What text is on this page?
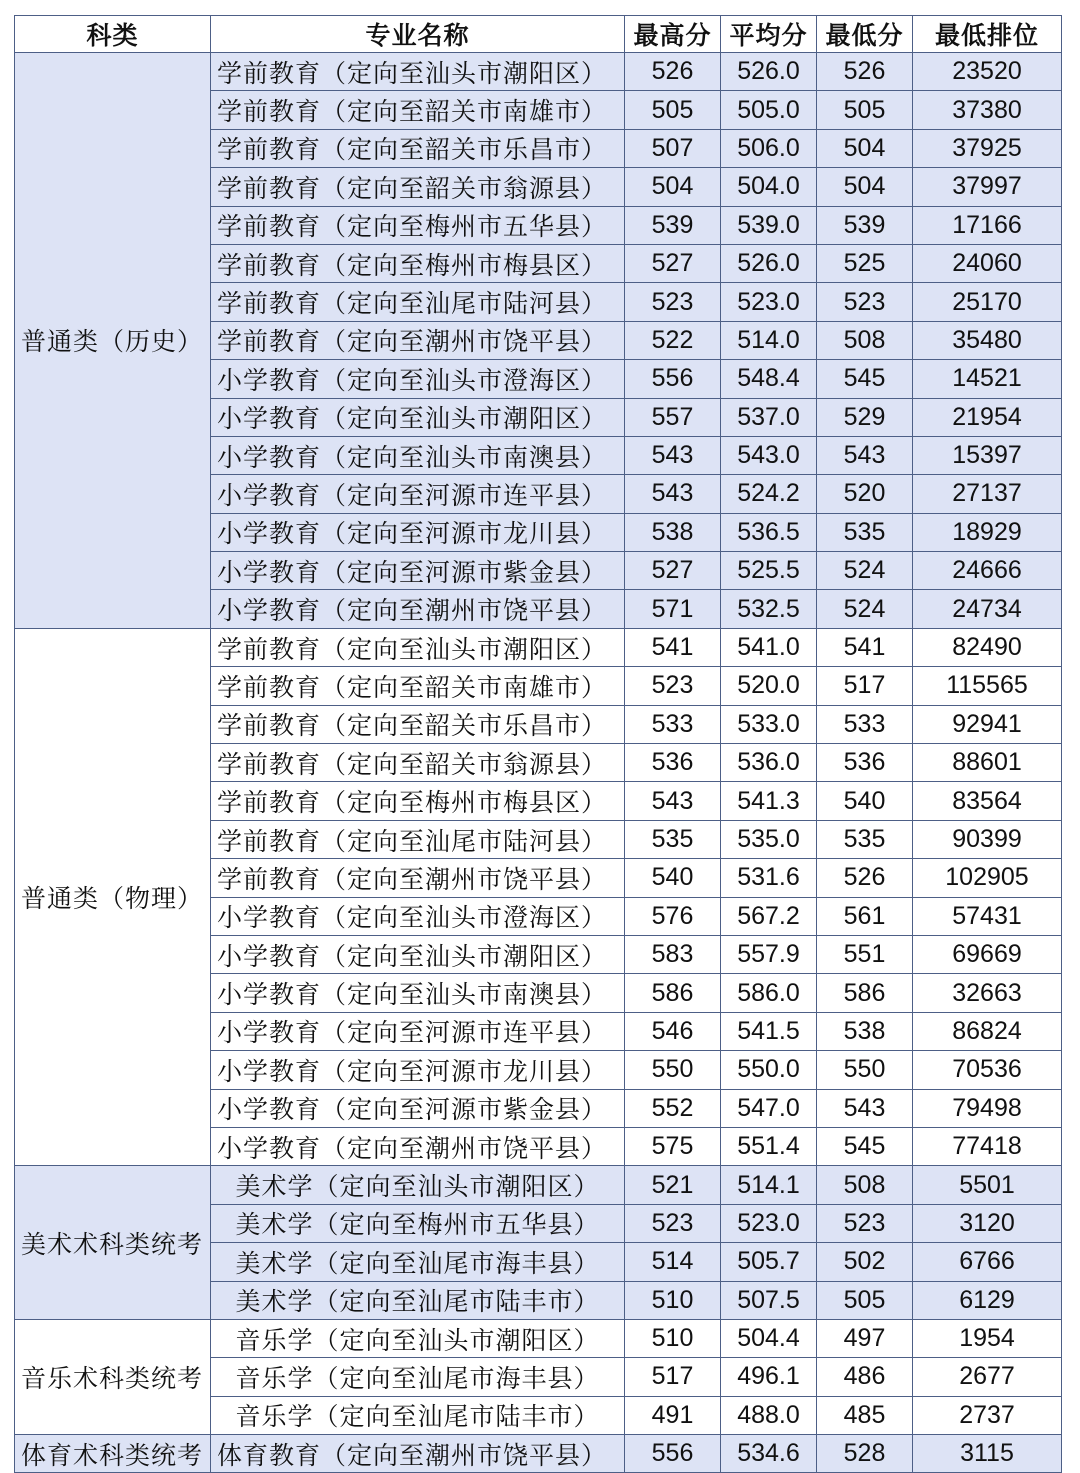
科类	专业名称	最高分	平均分	最低分	最低排位
普通类（历史）	学前教育（定向至汕头市潮阳区）	526	526.0	526	23520
	学前教育（定向至韶关市南雄市）	505	505.0	505	37380
	学前教育（定向至韶关市乐昌市）	507	506.0	504	37925
	学前教育（定向至韶关市翁源县）	504	504.0	504	37997
	学前教育（定向至梅州市五华县）	539	539.0	539	17166
	学前教育（定向至梅州市梅县区）	527	526.0	525	24060
	学前教育（定向至汕尾市陆河县）	523	523.0	523	25170
	学前教育（定向至潮州市饶平县）	522	514.0	508	35480
	小学教育（定向至汕头市澄海区）	556	548.4	545	14521
	小学教育（定向至汕头市潮阳区）	557	537.0	529	21954
	小学教育（定向至汕头市南澳县）	543	543.0	543	15397
	小学教育（定向至河源市连平县）	543	524.2	520	27137
	小学教育（定向至河源市龙川县）	538	536.5	535	18929
	小学教育（定向至河源市紫金县）	527	525.5	524	24666
	小学教育（定向至潮州市饶平县）	571	532.5	524	24734
普通类（物理）	学前教育（定向至汕头市潮阳区）	541	541.0	541	82490
	学前教育（定向至韶关市南雄市）	523	520.0	517	115565
	学前教育（定向至韶关市乐昌市）	533	533.0	533	92941
	学前教育（定向至韶关市翁源县）	536	536.0	536	88601
	学前教育（定向至梅州市梅县区）	543	541.3	540	83564
	学前教育（定向至汕尾市陆河县）	535	535.0	535	90399
	学前教育（定向至潮州市饶平县）	540	531.6	526	102905
	小学教育（定向至汕头市澄海区）	576	567.2	561	57431
	小学教育（定向至汕头市潮阳区）	583	557.9	551	69669
	小学教育（定向至汕头市南澳县）	586	586.0	586	32663
	小学教育（定向至河源市连平县）	546	541.5	538	86824
	小学教育（定向至河源市龙川县）	550	550.0	550	70536
	小学教育（定向至河源市紫金县）	552	547.0	543	79498
	小学教育（定向至潮州市饶平县）	575	551.4	545	77418
美术术科类统考	美术学（定向至汕头市潮阳区）	521	514.1	508	5501
	美术学（定向至梅州市五华县）	523	523.0	523	3120
	美术学（定向至汕尾市海丰县）	514	505.7	502	6766
	美术学（定向至汕尾市陆丰市）	510	507.5	505	6129
音乐术科类统考	音乐学（定向至汕头市潮阳区）	510	504.4	497	1954
	音乐学（定向至汕尾市海丰县）	517	496.1	486	2677
	音乐学（定向至汕尾市陆丰市）	491	488.0	485	2737
体育术科类统考	体育教育（定向至潮州市饶平县）	556	534.6	528	3115
